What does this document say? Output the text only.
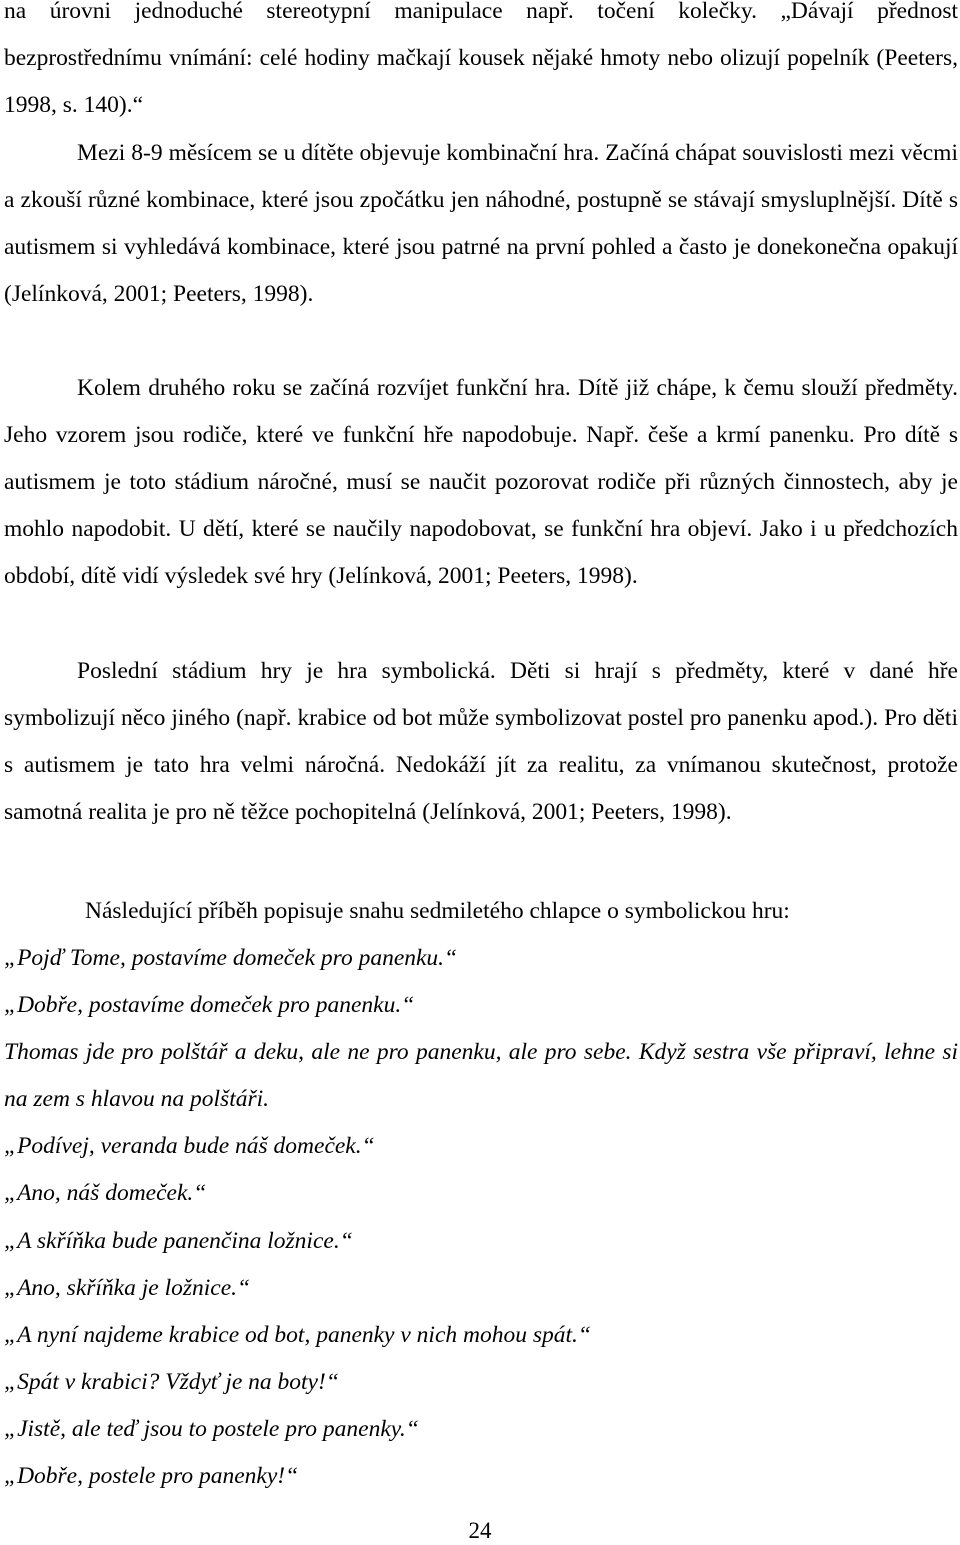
na úrovni jednoduché stereotypní manipulace např. točení kolečky. „Dávají přednost bezprostřednímu vnímání: celé hodiny mačkají kousek nějaké hmoty nebo olizují popelník (Peeters, 1998, s. 140).“

Mezi 8-9 měsícem se u dítěte objevuje kombinační hra. Začíná chápat souvislosti mezi věcmi a zkouší různé kombinace, které jsou zpočátku jen náhodné, postupně se stávají smysluplnější. Dítě s autismem si vyhledává kombinace, které jsou patrné na první pohled a často je donekonečna opakují (Jelínková, 2001; Peeters, 1998).

Kolem druhého roku se začíná rozvíjet funkční hra. Dítě již chápe, k čemu slouží předměty. Jeho vzorem jsou rodiče, které ve funkční hře napodobuje. Např. češe a krmí panenku. Pro dítě s autismem je toto stádium náročné, musí se naučit pozorovat rodiče při různých činnostech, aby je mohlo napodobit. U dětí, které se naučily napodobovat, se funkční hra objeví. Jako i u předchozích období, dítě vidí výsledek své hry (Jelínková, 2001; Peeters, 1998).

Poslední stádium hry je hra symbolická. Děti si hrají s předměty, které v dané hře symbolizují něco jiného (např. krabice od bot může symbolizovat postel pro panenku apod.). Pro děti s autismem je tato hra velmi náročná. Nedokáží jít za realitu, za vnímanou skutečnost, protože samotná realita je pro ně těžce pochopitelná (Jelínková, 2001; Peeters, 1998).

Následující příběh popisuje snahu sedmiletého chlapce o symbolickou hru:

„Pojď Tome, postavíme domeček pro panenku.“
„Dobře, postavíme domeček pro panenku.“
Thomas jde pro polštář a deku, ale ne pro panenku, ale pro sebe. Když sestra vše připraví, lehne si na zem s hlavou na polštáři.
„Podívej, veranda bude náš domeček.“
„Ano, náš domeček.“
„A skříňka bude panenčina ložnice.“
„Ano, skříňka je ložnice.“
„A nyní najdeme krabice od bot, panenky v nich mohou spát.“
„Spát v krabici? Vždyť je na boty!“
„Jistě, ale teď jsou to postele pro panenky.“
„Dobře, postele pro panenky!“
24
